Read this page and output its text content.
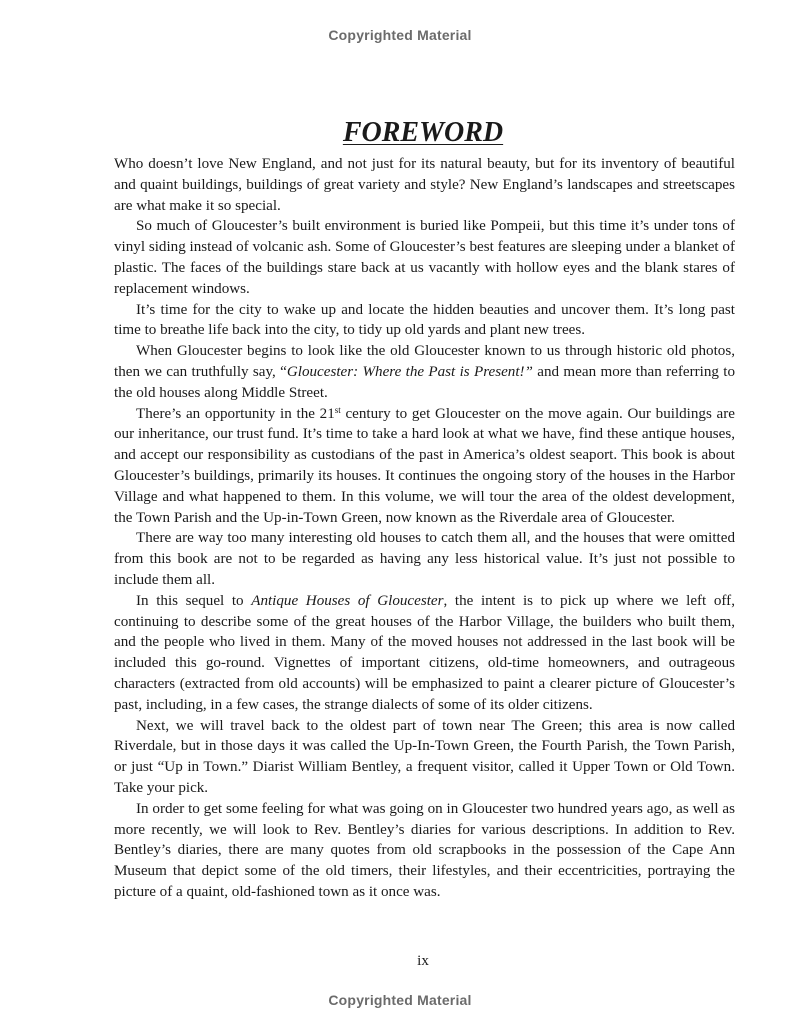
Copyrighted Material
FOREWORD

Who doesn’t love New England, and not just for its natural beauty, but for its inventory of beautiful and quaint buildings, buildings of great variety and style? New England’s landscapes and streetscapes are what make it so special.

So much of Gloucester’s built environment is buried like Pompeii, but this time it’s under tons of vinyl siding instead of volcanic ash. Some of Gloucester’s best features are sleeping under a blanket of plastic. The faces of the buildings stare back at us vacantly with hollow eyes and the blank stares of replacement windows.

It’s time for the city to wake up and locate the hidden beauties and uncover them. It’s long past time to breathe life back into the city, to tidy up old yards and plant new trees.

When Gloucester begins to look like the old Gloucester known to us through historic old photos, then we can truthfully say, “Gloucester: Where the Past is Present!” and mean more than referring to the old houses along Middle Street.

There’s an opportunity in the 21st century to get Gloucester on the move again. Our buildings are our inheritance, our trust fund. It’s time to take a hard look at what we have, find these antique houses, and accept our responsibility as custodians of the past in America’s oldest seaport. This book is about Gloucester’s buildings, primarily its houses. It continues the ongoing story of the houses in the Harbor Village and what happened to them. In this volume, we will tour the area of the oldest development, the Town Parish and the Up-in-Town Green, now known as the Riverdale area of Gloucester.

There are way too many interesting old houses to catch them all, and the houses that were omitted from this book are not to be regarded as having any less historical value. It’s just not possible to include them all.

In this sequel to Antique Houses of Gloucester, the intent is to pick up where we left off, continuing to describe some of the great houses of the Harbor Village, the builders who built them, and the people who lived in them. Many of the moved houses not addressed in the last book will be included this go-round. Vignettes of important citizens, old-time homeowners, and outrageous characters (extracted from old accounts) will be emphasized to paint a clearer picture of Gloucester’s past, including, in a few cases, the strange dialects of some of its older citizens.

Next, we will travel back to the oldest part of town near The Green; this area is now called Riverdale, but in those days it was called the Up-In-Town Green, the Fourth Parish, the Town Parish, or just “Up in Town.” Diarist William Bentley, a frequent visitor, called it Upper Town or Old Town. Take your pick.

In order to get some feeling for what was going on in Gloucester two hundred years ago, as well as more recently, we will look to Rev. Bentley’s diaries for various descriptions. In addition to Rev. Bentley’s diaries, there are many quotes from old scrapbooks in the possession of the Cape Ann Museum that depict some of the old timers, their lifestyles, and their eccentricities, portraying the picture of a quaint, old-fashioned town as it once was.

ix
Copyrighted Material
